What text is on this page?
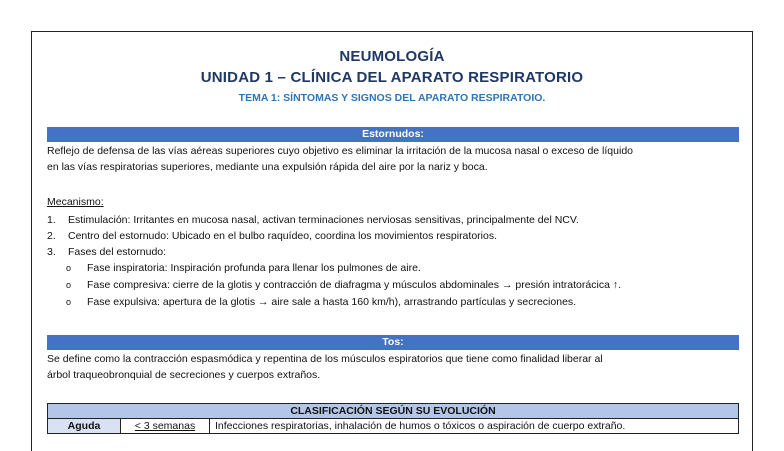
NEUMOLOGÍA
UNIDAD 1 – CLÍNICA DEL APARATO RESPIRATORIO
TEMA 1: SÍNTOMAS Y SIGNOS DEL APARATO RESPIRATOIO.
Estornudos:
Reflejo de defensa de las vías aéreas superiores cuyo objetivo es eliminar la irritación de la mucosa nasal o exceso de líquido
en las vías respiratorias superiores, mediante una expulsión rápida del aire por la nariz y boca.
Mecanismo:
1. Estimulación: Irritantes en mucosa nasal, activan terminaciones nerviosas sensitivas, principalmente del NCV.
2. Centro del estornudo: Ubicado en el bulbo raquídeo, coordina los movimientos respiratorios.
3. Fases del estornudo:
o Fase inspiratoria: Inspiración profunda para llenar los pulmones de aire.
o Fase compresiva: cierre de la glotis y contracción de diafragma y músculos abdominales → presión intratorácica ↑.
o Fase expulsiva: apertura de la glotis → aire sale a hasta 160 km/h), arrastrando partículas y secreciones.
Tos:
Se define como la contracción espasmódica y repentina de los músculos espiratorios que tiene como finalidad liberar al
árbol traqueobronquial de secreciones y cuerpos extraños.
CLASIFICACIÓN SEGÚN SU EVOLUCIÓN
Aguda	< 3 semanas	Infecciones respiratorias, inhalación de humos o tóxicos o aspiración de cuerpo extraño.
